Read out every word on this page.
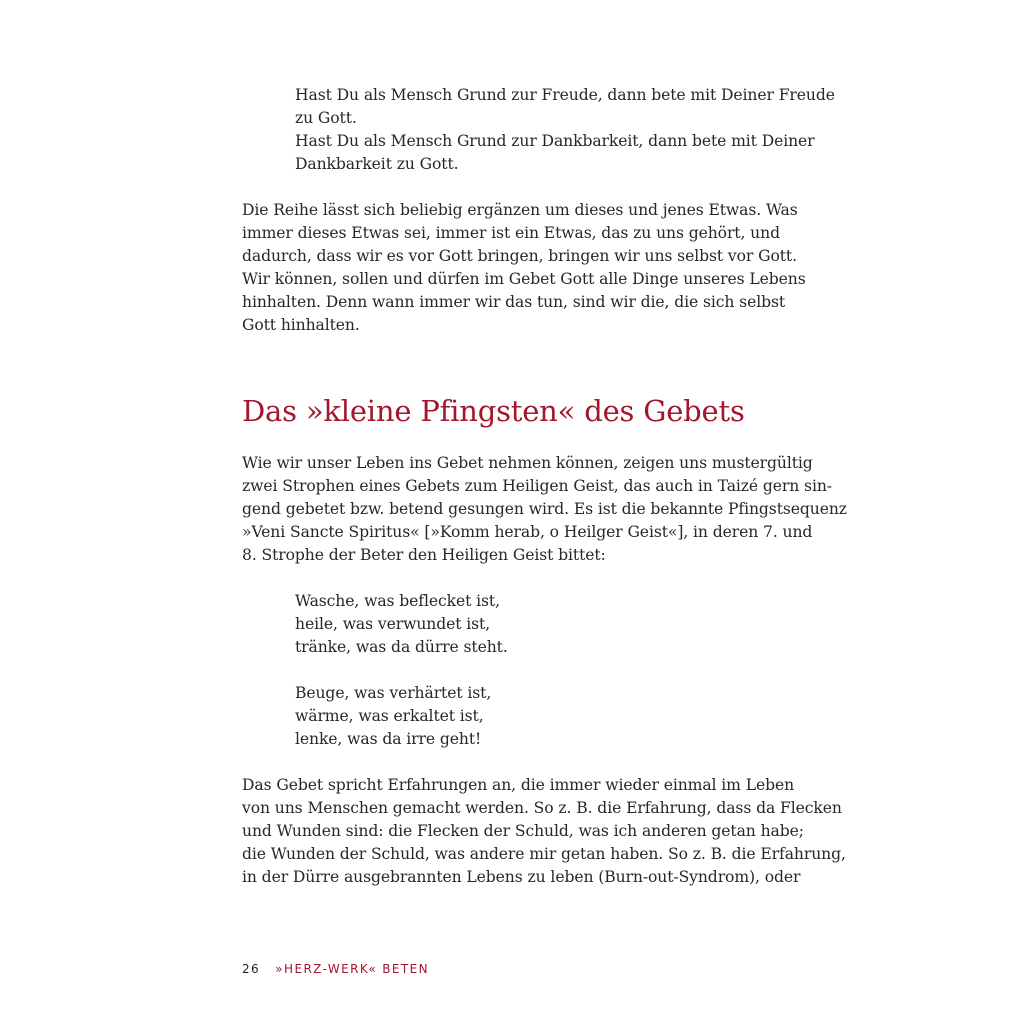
Hast Du als Mensch Grund zur Freude, dann bete mit Deiner Freude
zu Gott.
Hast Du als Mensch Grund zur Dankbarkeit, dann bete mit Deiner
Dankbarkeit zu Gott.
Die Reihe lässt sich beliebig ergänzen um dieses und jenes Etwas. Was
immer dieses Etwas sei, immer ist ein Etwas, das zu uns gehört, und
dadurch, dass wir es vor Gott bringen, bringen wir uns selbst vor Gott.
Wir können, sollen und dürfen im Gebet Gott alle Dinge unseres Lebens
hinhalten. Denn wann immer wir das tun, sind wir die, die sich selbst
Gott hinhalten.
Das »kleine Pfingsten« des Gebets
Wie wir unser Leben ins Gebet nehmen können, zeigen uns mustergültig
zwei Strophen eines Gebets zum Heiligen Geist, das auch in Taizé gern sin-
gend gebetet bzw. betend gesungen wird. Es ist die bekannte Pfingstsequenz
»Veni Sancte Spiritus« [»Komm herab, o Heilger Geist«], in deren 7. und
8. Strophe der Beter den Heiligen Geist bittet:
Wasche, was beflecket ist,
heile, was verwundet ist,
tränke, was da dürre steht.
Beuge, was verhärtet ist,
wärme, was erkaltet ist,
lenke, was da irre geht!
Das Gebet spricht Erfahrungen an, die immer wieder einmal im Leben
von uns Menschen gemacht werden. So z. B. die Erfahrung, dass da Flecken
und Wunden sind: die Flecken der Schuld, was ich anderen getan habe;
die Wunden der Schuld, was andere mir getan haben. So z. B. die Erfahrung,
in der Dürre ausgebrannten Lebens zu leben (Burn-out-Syndrom), oder
26 »HERZ-WERK« BETEN
